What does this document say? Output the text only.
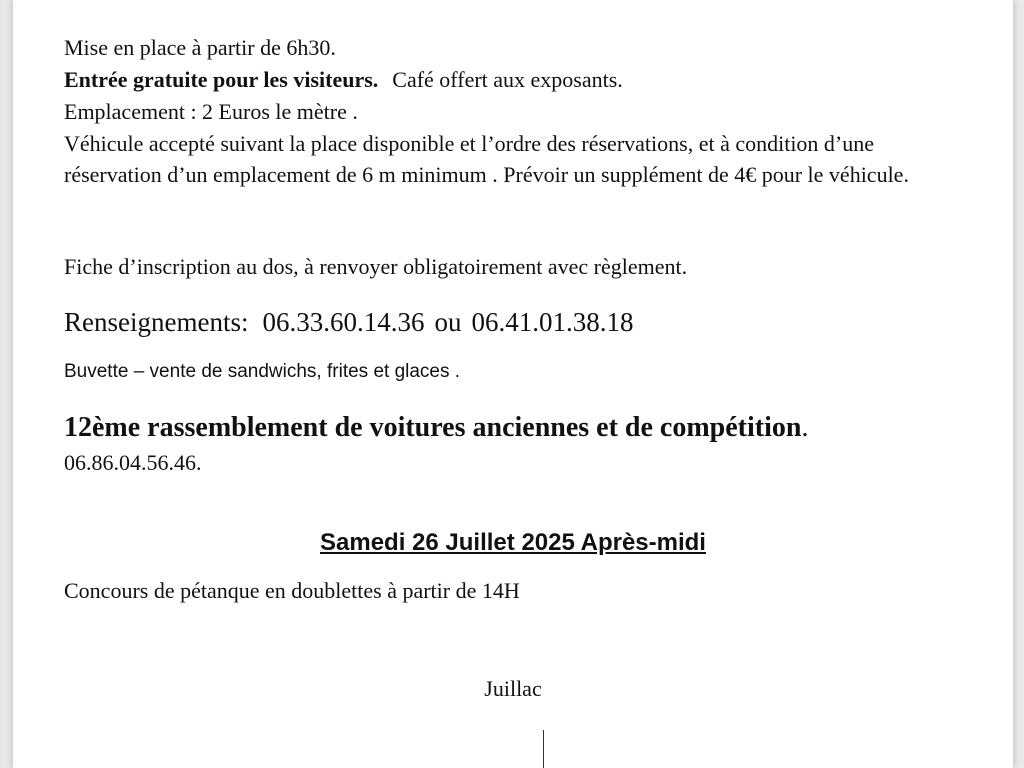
Mise en place à partir de 6h30.

Entrée gratuite pour les visiteurs. Café offert aux exposants.

Emplacement : 2 Euros le mètre .

Véhicule accepté suivant la place disponible et l’ordre des réservations, et à condition d’une réservation d’un emplacement de 6 m minimum . Prévoir un supplément de 4€ pour le véhicule.

Fiche d’inscription au dos, à renvoyer obligatoirement avec règlement.

Renseignements: 06.33.60.14.36 ou 06.41.01.38.18

Buvette – vente de sandwichs, frites et glaces .

12ème rassemblement de voitures anciennes et de compétition.

06.86.04.56.46.

Samedi 26 Juillet 2025 Après-midi

Concours de pétanque en doublettes à partir de 14H

Juillac
